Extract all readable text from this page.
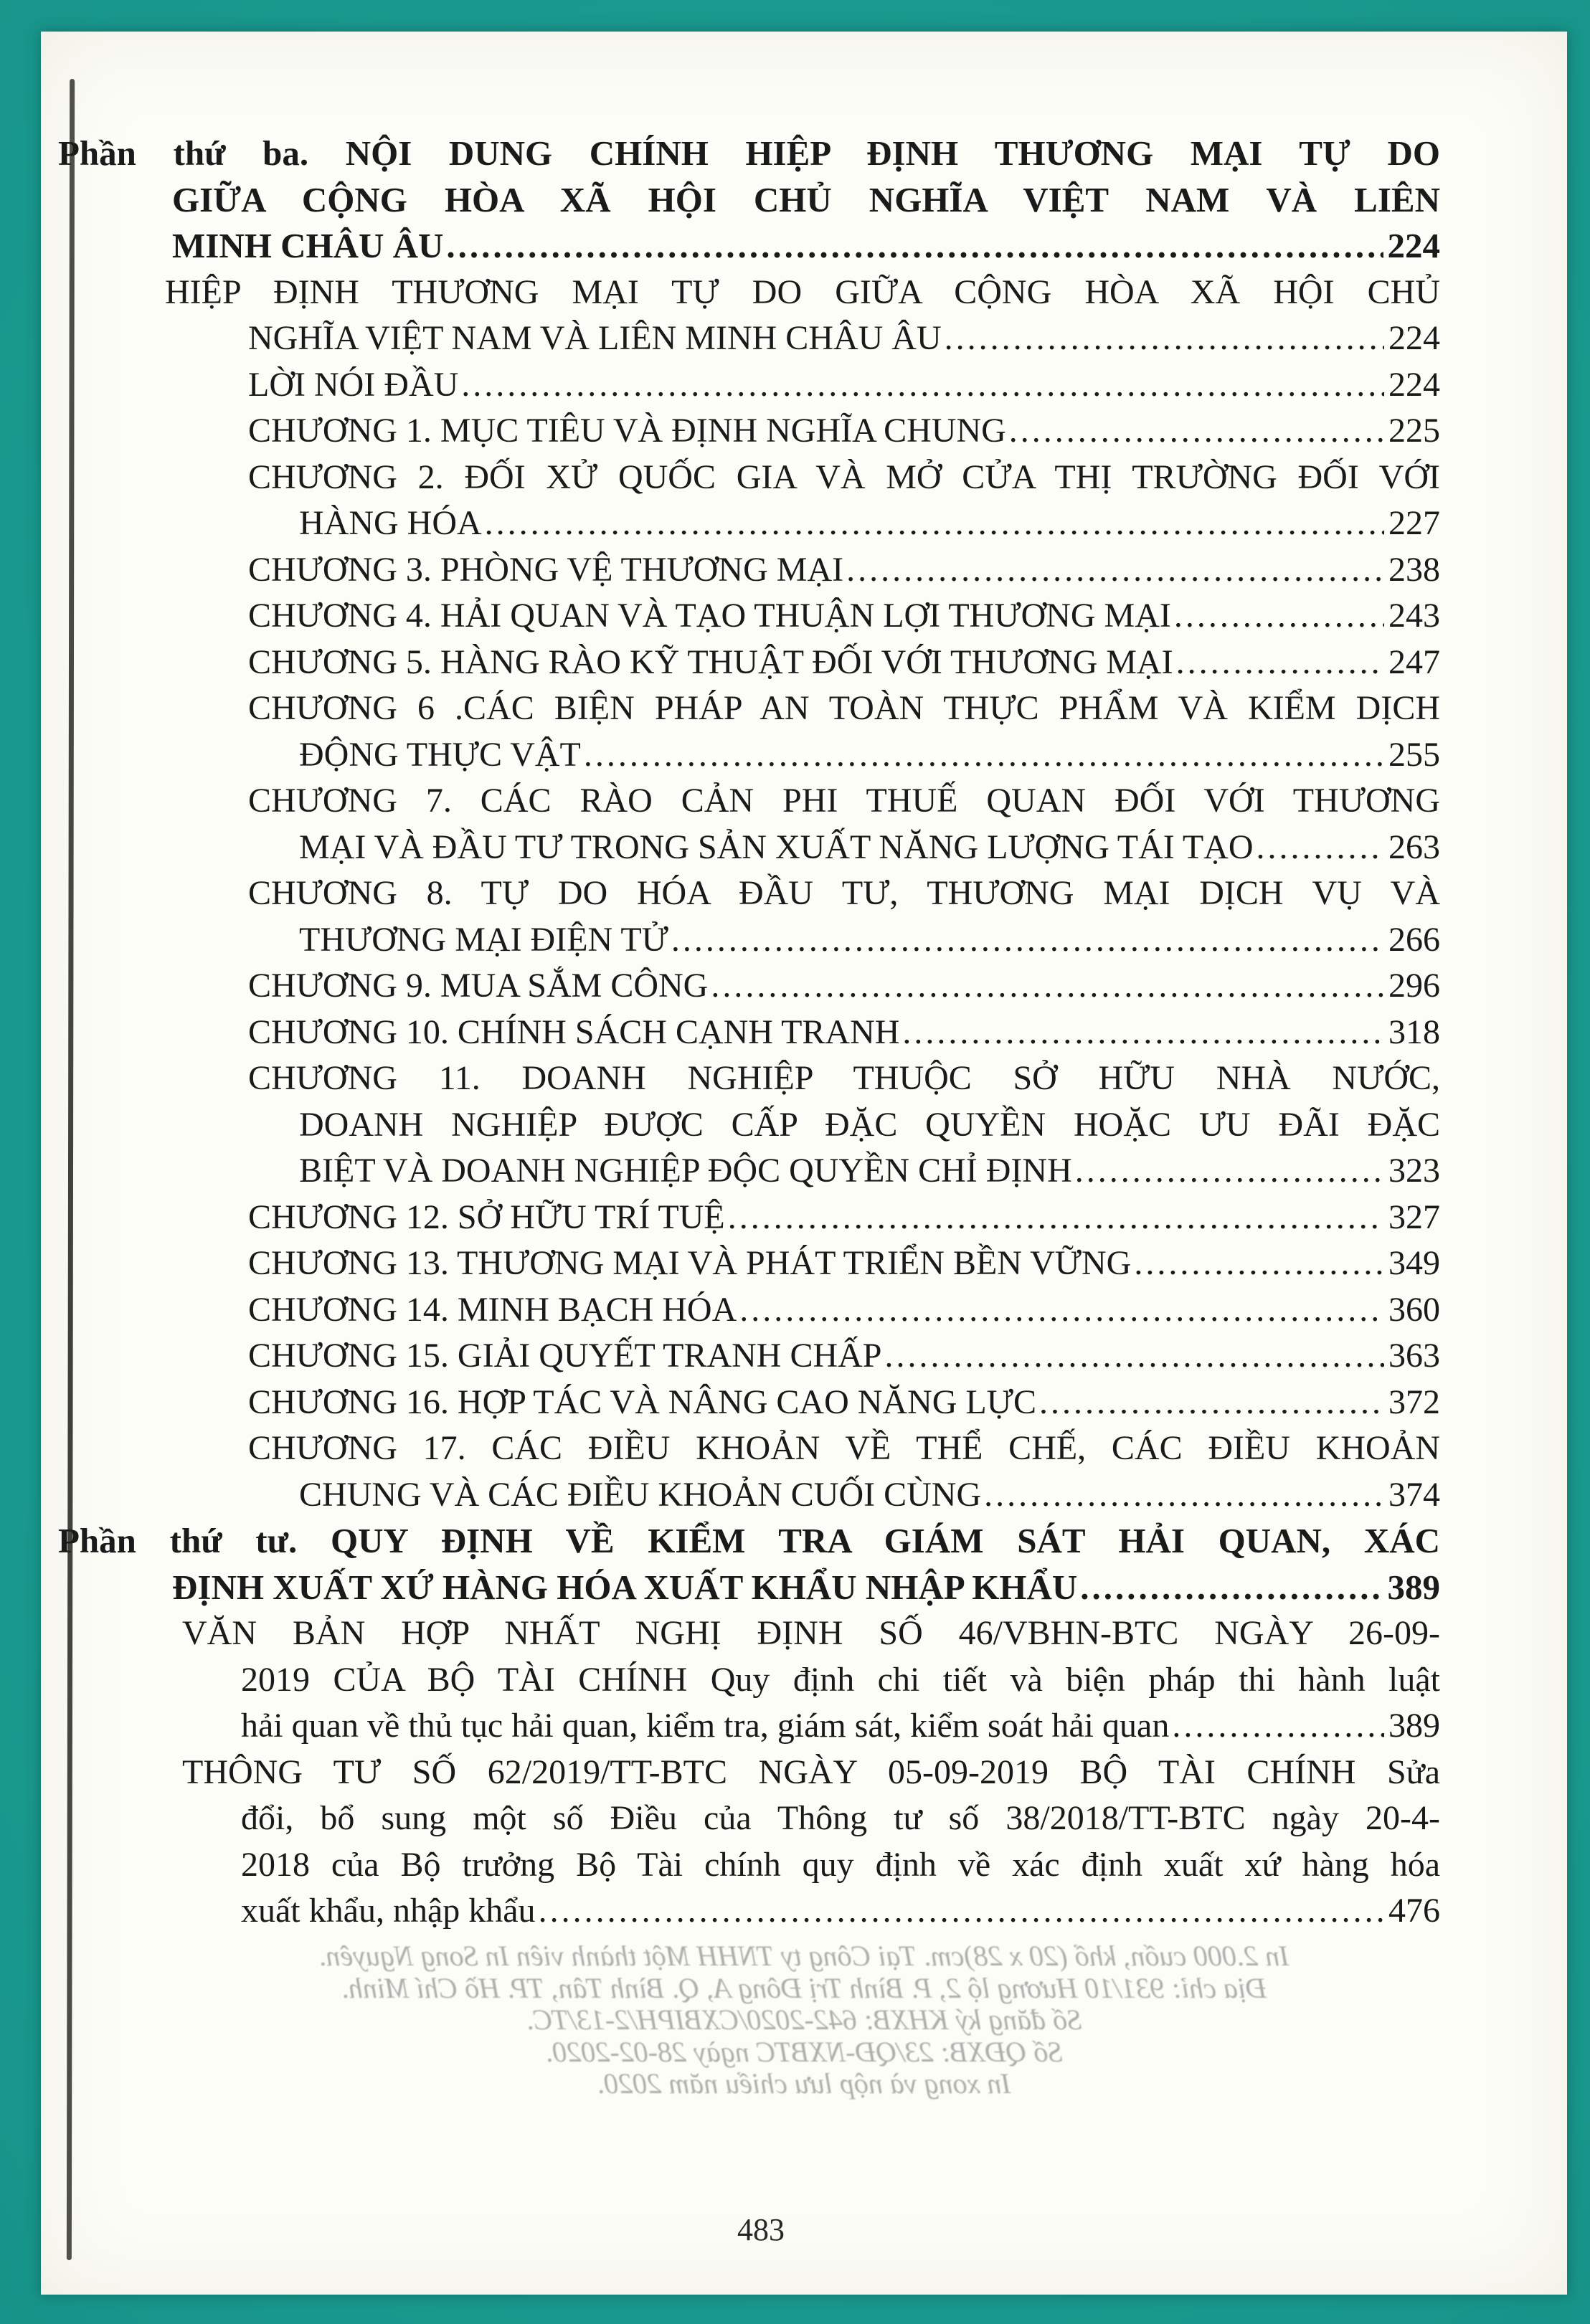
Phần thứ ba. NỘI DUNG CHÍNH HIỆP ĐỊNH THƯƠNG MẠI TỰ DO
GIỮA CỘNG HÒA XÃ HỘI CHỦ NGHĨA VIỆT NAM VÀ LIÊN
MINH CHÂU ÂU .....	224
HIỆP ĐỊNH THƯƠNG MẠI TỰ DO GIỮA CỘNG HÒA XÃ HỘI CHỦ
NGHĨA VIỆT NAM VÀ LIÊN MINH CHÂU ÂU .....	224
LỜI NÓI ĐẦU .....	224
CHƯƠNG 1. MỤC TIÊU VÀ ĐỊNH NGHĨA CHUNG .....	225
CHƯƠNG 2. ĐỐI XỬ QUỐC GIA VÀ MỞ CỬA THỊ TRƯỜNG ĐỐI VỚI
HÀNG HÓA .....	227
CHƯƠNG 3. PHÒNG VỆ THƯƠNG MẠI .....	238
CHƯƠNG 4. HẢI QUAN VÀ TẠO THUẬN LỢI THƯƠNG MẠI .....	243
CHƯƠNG 5. HÀNG RÀO KỸ THUẬT ĐỐI VỚI THƯƠNG MẠI .....	247
CHƯƠNG 6 .CÁC BIỆN PHÁP AN TOÀN THỰC PHẨM VÀ KIỂM DỊCH
ĐỘNG THỰC VẬT .....	255
CHƯƠNG 7. CÁC RÀO CẢN PHI THUẾ QUAN ĐỐI VỚI THƯƠNG
MẠI VÀ ĐẦU TƯ TRONG SẢN XUẤT NĂNG LƯỢNG TÁI TẠO .....	263
CHƯƠNG 8. TỰ DO HÓA ĐẦU TƯ, THƯƠNG MẠI DỊCH VỤ VÀ
THƯƠNG MẠI ĐIỆN TỬ .....	266
CHƯƠNG 9. MUA SẮM CÔNG .....	296
CHƯƠNG 10. CHÍNH SÁCH CẠNH TRANH .....	318
CHƯƠNG 11. DOANH NGHIỆP THUỘC SỞ HỮU NHÀ NƯỚC,
DOANH NGHIỆP ĐƯỢC CẤP ĐẶC QUYỀN HOẶC ƯU ĐÃI ĐẶC
BIỆT VÀ DOANH NGHIỆP ĐỘC QUYỀN CHỈ ĐỊNH .....	323
CHƯƠNG 12. SỞ HỮU TRÍ TUỆ .....	327
CHƯƠNG 13. THƯƠNG MẠI VÀ PHÁT TRIỂN BỀN VỮNG .....	349
CHƯƠNG 14. MINH BẠCH HÓA .....	360
CHƯƠNG 15. GIẢI QUYẾT TRANH CHẤP .....	363
CHƯƠNG 16. HỢP TÁC VÀ NÂNG CAO NĂNG LỰC .....	372
CHƯƠNG 17. CÁC ĐIỀU KHOẢN VỀ THỂ CHẾ, CÁC ĐIỀU KHOẢN
CHUNG VÀ CÁC ĐIỀU KHOẢN CUỐI CÙNG .....	374
Phần thứ tư. QUY ĐỊNH VỀ KIỂM TRA GIÁM SÁT HẢI QUAN, XÁC
ĐỊNH XUẤT XỨ HÀNG HÓA XUẤT KHẨU NHẬP KHẨU .....	389
VĂN BẢN HỢP NHẤT NGHỊ ĐỊNH SỐ 46/VBHN-BTC NGÀY 26-09-
2019 CỦA BỘ TÀI CHÍNH Quy định chi tiết và biện pháp thi hành luật
hải quan về thủ tục hải quan, kiểm tra, giám sát, kiểm soát hải quan .....	389
THÔNG TƯ SỐ 62/2019/TT-BTC NGÀY 05-09-2019 BỘ TÀI CHÍNH Sửa
đổi, bổ sung một số Điều của Thông tư số 38/2018/TT-BTC ngày 20-4-
2018 của Bộ trưởng Bộ Tài chính quy định về xác định xuất xứ hàng hóa
xuất khẩu, nhập khẩu .....	476
In 2.000 cuốn, khổ (20 x 28)cm. Tại Công ty TNHH Một thành viên In Song Nguyên.
Địa chỉ: 931/10 Hương lộ 2, P. Bình Trị Đông A, Q. Bình Tân, TP. Hồ Chí Minh.
Số đăng ký KHXB: 642-2020/CXBIPH/2-13/TC.
Số QĐXB: 23/QĐ-NXBTC ngày 28-02-2020.
In xong và nộp lưu chiểu năm 2020.
483
